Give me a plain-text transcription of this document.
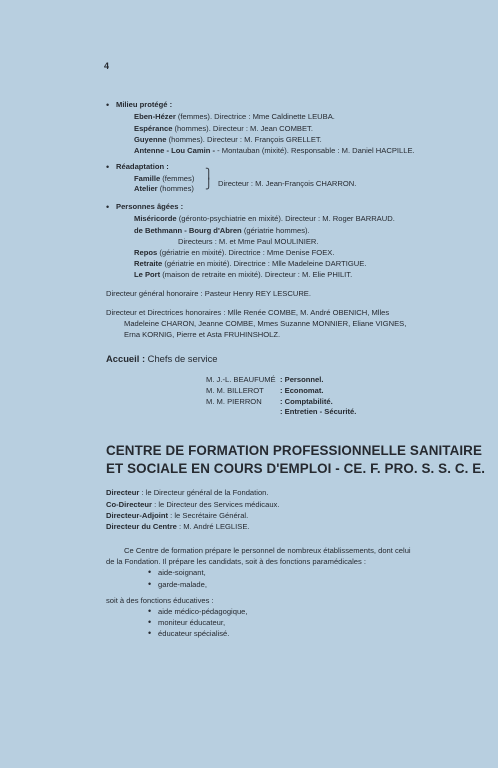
4
• Milieu protégé :
Eben-Hézer (femmes). Directrice : Mme Caldinette LEUBA.
Espérance (hommes). Directeur : M. Jean COMBET.
Guyenne (hommes). Directeur : M. François GRELLET.
Antenne - Lou Camin - - Montauban (mixité). Responsable : M. Daniel HACPILLE.
• Réadaptation :
Famille (femmes)
Atelier (hommes)
⎫
⎭ Directeur : M. Jean-François CHARRON.
• Personnes âgées :
Miséricorde (géronto-psychiatrie en mixité). Directeur : M. Roger BARRAUD.
de Bethmann - Bourg d'Abren (gériatrie hommes).
Directeurs : M. et Mme Paul MOULINIER.
Repos (gériatrie en mixité). Directrice : Mme Denise FOEX.
Retraite (gériatrie en mixité). Directrice : Mlle Madeleine DARTIGUE.
Le Port (maison de retraite en mixité). Directeur : M. Elie PHILIT.
Directeur général honoraire : Pasteur Henry REY LESCURE.
Directeur et Directrices honoraires : Mlle Renée COMBE, M. André OBENICH, Mlles
Madeleine CHARON, Jeanne COMBE, Mmes Suzanne MONNIER, Eliane VIGNES,
Erna KORNIG, Pierre et Asta FRUHINSHOLZ.
Accueil : Chefs de service
M. J.-L. BEAUFUMÉ : Personnel.
M. M. BILLEROT : Economat.
M. M. PIERRON : Comptabilité.
: Entretien - Sécurité.
CENTRE DE FORMATION PROFESSIONNELLE SANITAIRE
ET SOCIALE EN COURS D'EMPLOI - CE. F. PRO. S. S. C. E.
Directeur : le Directeur général de la Fondation.
Co-Directeur : le Directeur des Services médicaux.
Directeur-Adjoint : le Secrétaire Général.
Directeur du Centre : M. André LEGLISE.
Ce Centre de formation prépare le personnel de nombreux établissements, dont celui
de la Fondation. Il prépare les candidats, soit à des fonctions paramédicales :
• aide-soignant,
• garde-malade,
soit à des fonctions éducatives :
• aide médico-pédagogique,
• moniteur éducateur,
• éducateur spécialisé.
